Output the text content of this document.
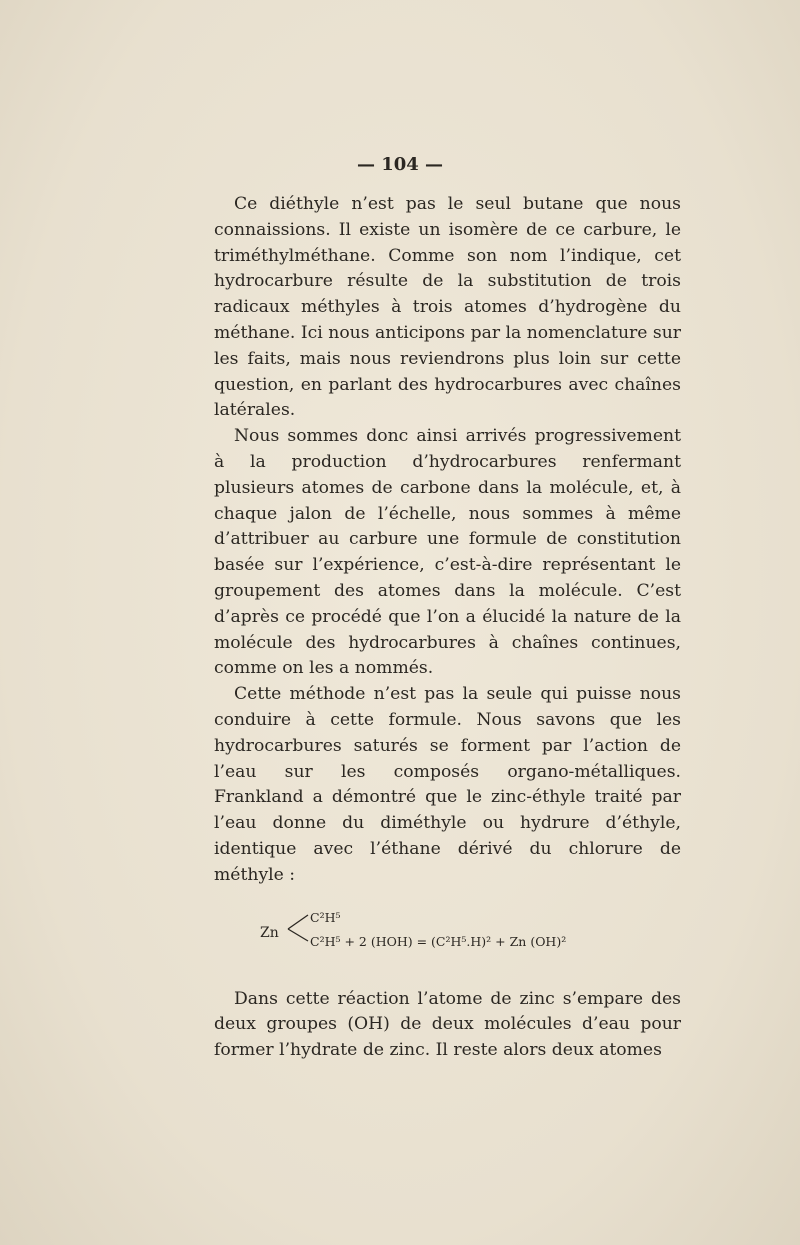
— 104 —

Ce diéthyle n’est pas le seul butane que nous connaissions. Il existe un isomère de ce carbure, le triméthylméthane. Comme son nom l’indique, cet hydrocarbure résulte de la substitution de trois radicaux méthyles à trois atomes d’hydrogène du méthane. Ici nous anticipons par la nomenclature sur les faits, mais nous reviendrons plus loin sur cette question, en parlant des hydrocarbures avec chaînes latérales.

Nous sommes donc ainsi arrivés progressivement à la production d’hydrocarbures renfermant plusieurs atomes de carbone dans la molécule, et, à chaque jalon de l’échelle, nous sommes à même d’attribuer au carbure une formule de constitution basée sur l’expérience, c’est-à-dire représentant le groupement des atomes dans la molécule. C’est d’après ce procédé que l’on a élucidé la nature de la molécule des hydrocarbures à chaînes continues, comme on les a nommés.

Cette méthode n’est pas la seule qui puisse nous conduire à cette formule. Nous savons que les hydrocarbures saturés se forment par l’action de l’eau sur les composés organo-métalliques. Frankland a démontré que le zinc-éthyle traité par l’eau donne du diméthyle ou hydrure d’éthyle, identique avec l’éthane dérivé du chlorure de méthyle :

Zn
C²H⁵
C²H⁵ + 2 (HOH) = (C²H⁵.H)² + Zn (OH)²

Dans cette réaction l’atome de zinc s’empare des deux groupes (OH) de deux molécules d’eau pour former l’hydrate de zinc. Il reste alors deux atomes
